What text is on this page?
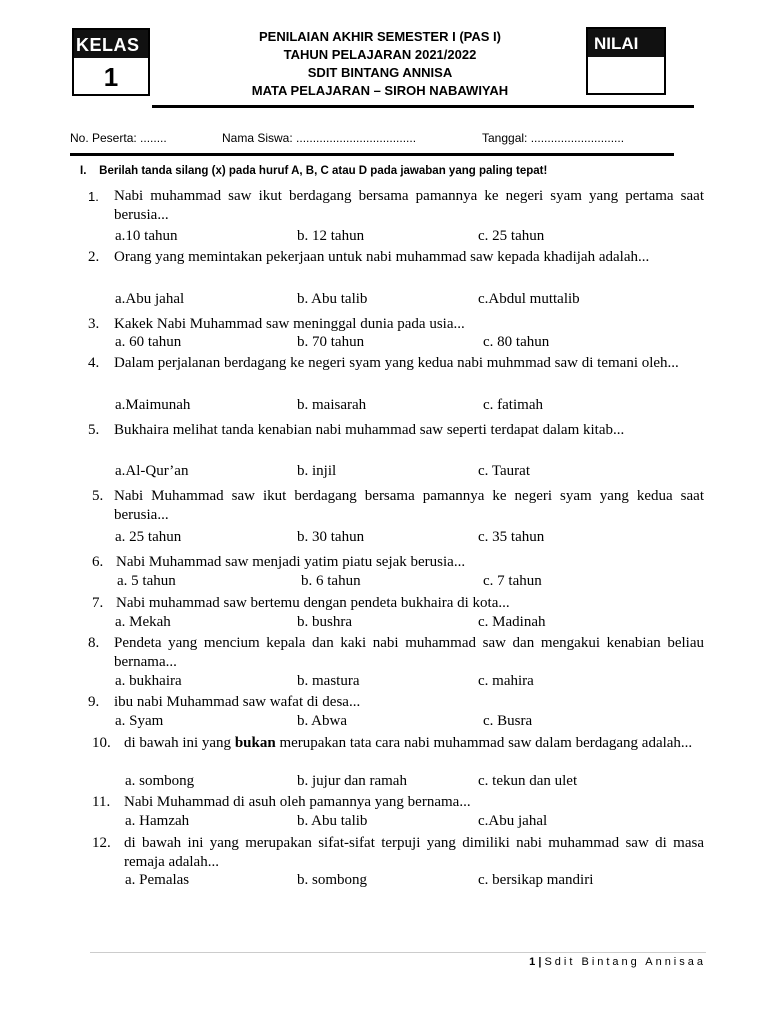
KELAS
1
NILAI
PENILAIAN AKHIR SEMESTER I (PAS I)
TAHUN PELAJARAN 2021/2022
SDIT BINTANG ANNISA
MATA PELAJARAN – SIROH NABAWIYAH
No. Peserta: ........	Nama Siswa: ....................................	Tanggal: ............................
I. Berilah tanda silang (x) pada huruf A, B, C atau D pada jawaban yang paling tepat!
1.	Nabi muhammad saw ikut berdagang bersama pamannya ke negeri syam yang pertama saat berusia...
a.10 tahun	b. 12 tahun	c. 25 tahun
2. Orang yang memintakan pekerjaan untuk nabi muhammad saw kepada khadijah adalah...
a.Abu jahal	b. Abu talib	c.Abdul muttalib
3. Kakek Nabi Muhammad saw meninggal dunia pada usia...
a. 60 tahun	b. 70 tahun	c. 80 tahun
4. Dalam perjalanan berdagang ke negeri syam yang kedua nabi muhmmad saw di temani oleh...
a.Maimunah	b. maisarah	c. fatimah
5. Bukhaira melihat tanda kenabian nabi muhammad saw seperti terdapat dalam kitab...
a.Al-Qur’an	b. injil	c. Taurat
5. Nabi Muhammad saw ikut berdagang bersama pamannya ke negeri syam yang kedua saat berusia...
a. 25 tahun	b. 30 tahun	c. 35 tahun
6. Nabi Muhammad saw menjadi yatim piatu sejak berusia...
a. 5 tahun	b. 6 tahun	c. 7 tahun
7. Nabi muhammad saw bertemu dengan pendeta bukhaira di kota...
a. Mekah	b. bushra	c. Madinah
8. Pendeta yang mencium kepala dan kaki nabi muhammad saw dan mengakui kenabian beliau bernama...
a. bukhaira	b. mastura	c. mahira
9. ibu nabi Muhammad saw wafat di desa...
a. Syam	b. Abwa	c. Busra
10. di bawah ini yang bukan merupakan tata cara nabi muhammad saw dalam berdagang adalah...
a. sombong	b. jujur dan ramah	c. tekun dan ulet
11. Nabi Muhammad di asuh oleh pamannya yang bernama...
a. Hamzah	b. Abu talib	c.Abu jahal
12. di bawah ini yang merupakan sifat-sifat terpuji yang dimiliki nabi muhammad saw di masa remaja adalah...
a. Pemalas	b. sombong	c. bersikap mandiri
1 | Sdit Bintang Annisaa
